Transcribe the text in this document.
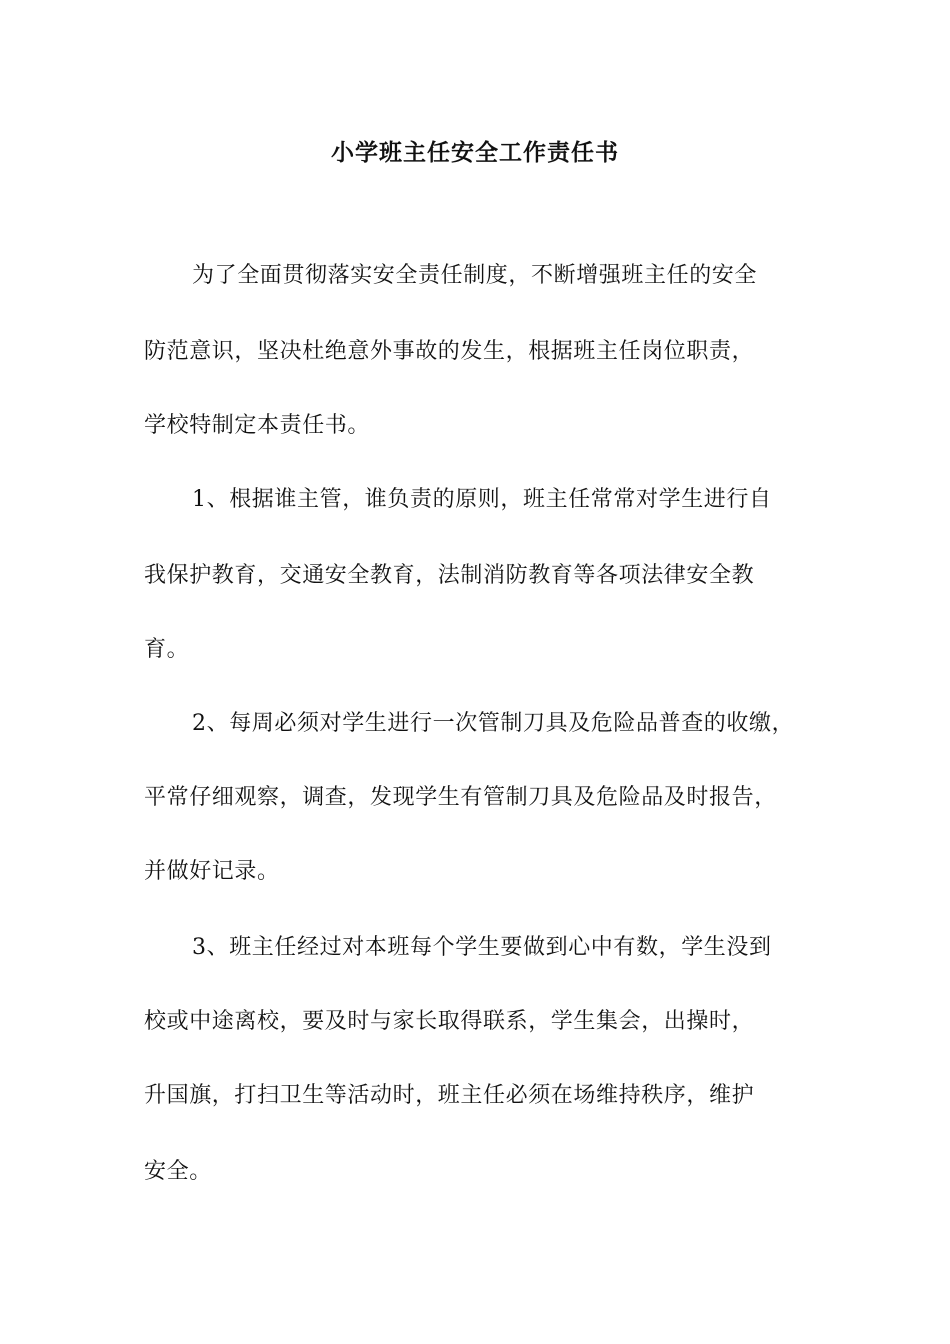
小学班主任安全工作责任书

为了全面贯彻落实安全责任制度，不断增强班主任的安全

防范意识，坚决杜绝意外事故的发生，根据班主任岗位职责，

学校特制定本责任书。

1、根据谁主管，谁负责的原则，班主任常常对学生进行自

我保护教育，交通安全教育，法制消防教育等各项法律安全教

育。

2、每周必须对学生进行一次管制刀具及危险品普查的收缴，

平常仔细观察，调查，发现学生有管制刀具及危险品及时报告，

并做好记录。

3、班主任经过对本班每个学生要做到心中有数，学生没到

校或中途离校，要及时与家长取得联系，学生集会，出操时，

升国旗，打扫卫生等活动时，班主任必须在场维持秩序，维护

安全。
